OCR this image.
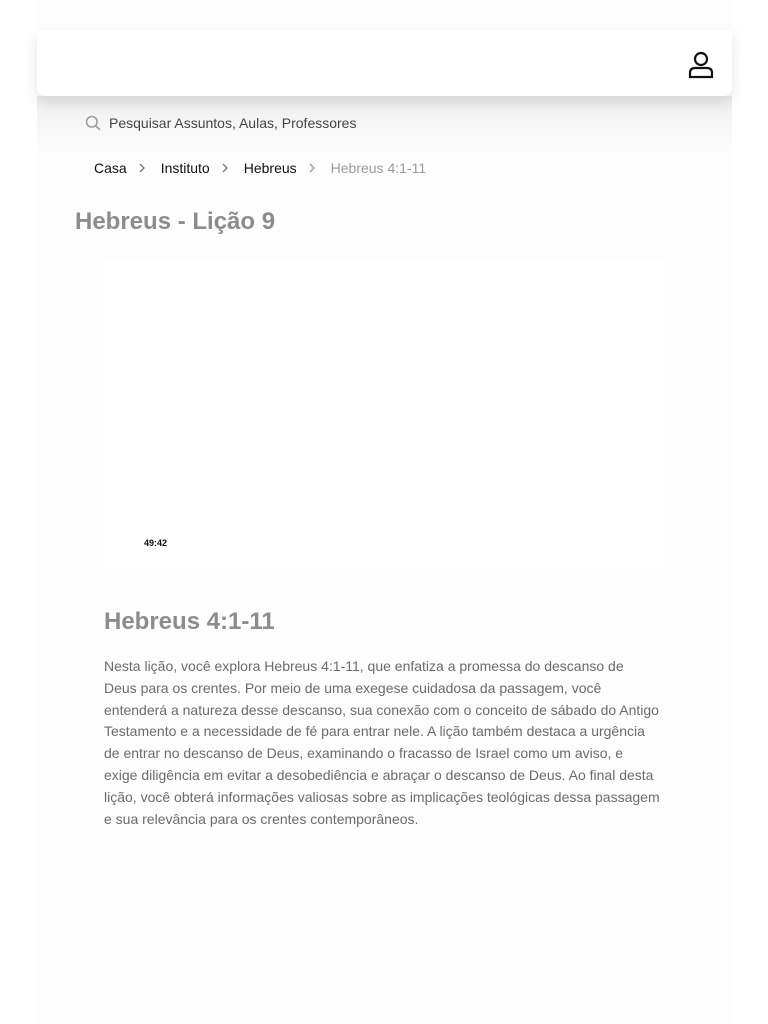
Pesquisar Assuntos, Aulas, Professores
Casa Instituto Hebreus Hebreus 4:1-11
Hebreus - Lição 9
49:42
Hebreus 4:1-11

Nesta lição, você explora Hebreus 4:1-11, que enfatiza a promessa do descanso de Deus para os crentes. Por meio de uma exegese cuidadosa da passagem, você entenderá a natureza desse descanso, sua conexão com o conceito de sábado do Antigo Testamento e a necessidade de fé para entrar nele. A lição também destaca a urgência de entrar no descanso de Deus, examinando o fracasso de Israel como um aviso, e exige diligência em evitar a desobediência e abraçar o descanso de Deus. Ao final desta lição, você obterá informações valiosas sobre as implicações teológicas dessa passagem e sua relevância para os crentes contemporâneos.
